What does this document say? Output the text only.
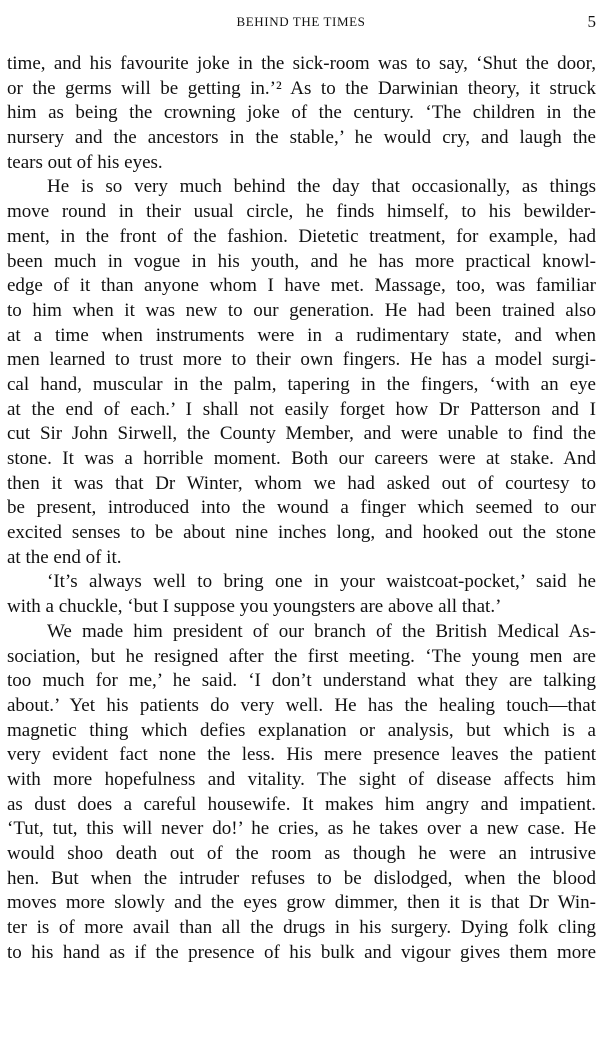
BEHIND THE TIMES	5
time, and his favourite joke in the sick-room was to say, ‘Shut the door,
or the germs will be getting in.’² As to the Darwinian theory, it struck
him as being the crowning joke of the century. ‘The children in the
nursery and the ancestors in the stable,’ he would cry, and laugh the
tears out of his eyes.
He is so very much behind the day that occasionally, as things
move round in their usual circle, he finds himself, to his bewilder-
ment, in the front of the fashion. Dietetic treatment, for example, had
been much in vogue in his youth, and he has more practical knowl-
edge of it than anyone whom I have met. Massage, too, was familiar
to him when it was new to our generation. He had been trained also
at a time when instruments were in a rudimentary state, and when
men learned to trust more to their own fingers. He has a model surgi-
cal hand, muscular in the palm, tapering in the fingers, ‘with an eye
at the end of each.’ I shall not easily forget how Dr Patterson and I
cut Sir John Sirwell, the County Member, and were unable to find the
stone. It was a horrible moment. Both our careers were at stake. And
then it was that Dr Winter, whom we had asked out of courtesy to
be present, introduced into the wound a finger which seemed to our
excited senses to be about nine inches long, and hooked out the stone
at the end of it.
‘It’s always well to bring one in your waistcoat-pocket,’ said he
with a chuckle, ‘but I suppose you youngsters are above all that.’
We made him president of our branch of the British Medical As-
sociation, but he resigned after the first meeting. ‘The young men are
too much for me,’ he said. ‘I don’t understand what they are talking
about.’ Yet his patients do very well. He has the healing touch—that
magnetic thing which defies explanation or analysis, but which is a
very evident fact none the less. His mere presence leaves the patient
with more hopefulness and vitality. The sight of disease affects him
as dust does a careful housewife. It makes him angry and impatient.
‘Tut, tut, this will never do!’ he cries, as he takes over a new case. He
would shoo death out of the room as though he were an intrusive
hen. But when the intruder refuses to be dislodged, when the blood
moves more slowly and the eyes grow dimmer, then it is that Dr Win-
ter is of more avail than all the drugs in his surgery. Dying folk cling
to his hand as if the presence of his bulk and vigour gives them more
